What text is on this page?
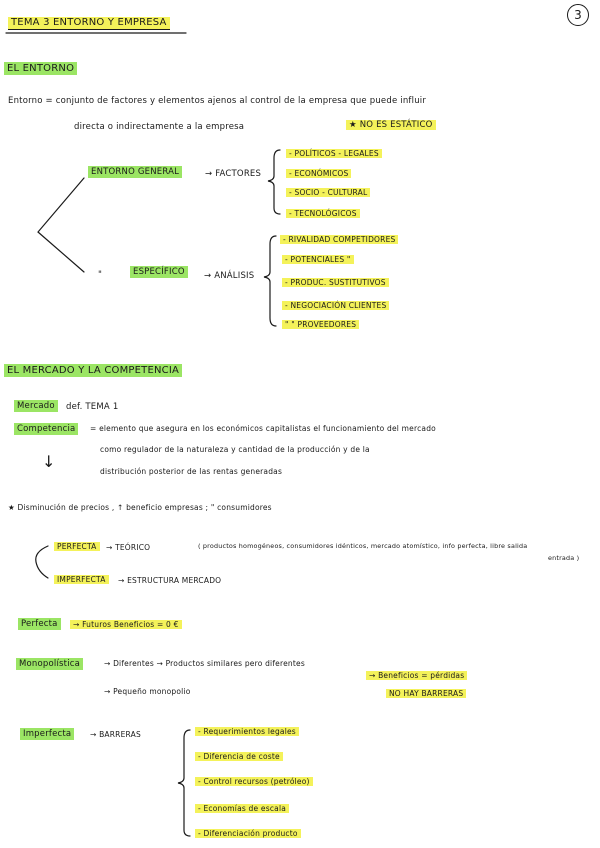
3
TEMA 3 ENTORNO Y EMPRESA
EL ENTORNO
Entorno = conjunto de factores y elementos ajenos al control de la empresa que puede influir
directa o indirectamente a la empresa	★ NO ES ESTÁTICO
ENTORNO GENERAL	→ FACTORES
- POLÍTICOS - LEGALES
- ECONÓMICOS
- SOCIO - CULTURAL
- TECNOLÓGICOS
"	ESPECÍFICO	→ ANÁLISIS
- RIVALIDAD COMPETIDORES
- POTENCIALES "
- PRODUC. SUSTITUTIVOS
- NEGOCIACIÓN CLIENTES
" " PROVEEDORES
EL MERCADO Y LA COMPETENCIA
Mercado	def. TEMA 1
Competencia	= elemento que asegura en los económicos capitalistas el funcionamiento del mercado
como regulador de la naturaleza y cantidad de la producción y de la
distribución posterior de las rentas generadas
↓
★ Disminución de precios , ↑ beneficio empresas ; " consumidores
PERFECTA	→ TEÓRICO	( productos homogéneos, consumidores idénticos, mercado atomístico, info perfecta, libre salida
entrada )
IMPERFECTA	→ ESTRUCTURA MERCADO
Perfecta	→ Futuros Beneficios = 0 €
Monopolística	→ Diferentes → Productos similares pero diferentes
→ Pequeño monopolio
→ Beneficios = pérdidas
NO HAY BARRERAS
Imperfecta	→ BARRERAS	- Requerimientos legales
- Diferencia de coste
- Control recursos (petróleo)
- Economías de escala
- Diferenciación producto
